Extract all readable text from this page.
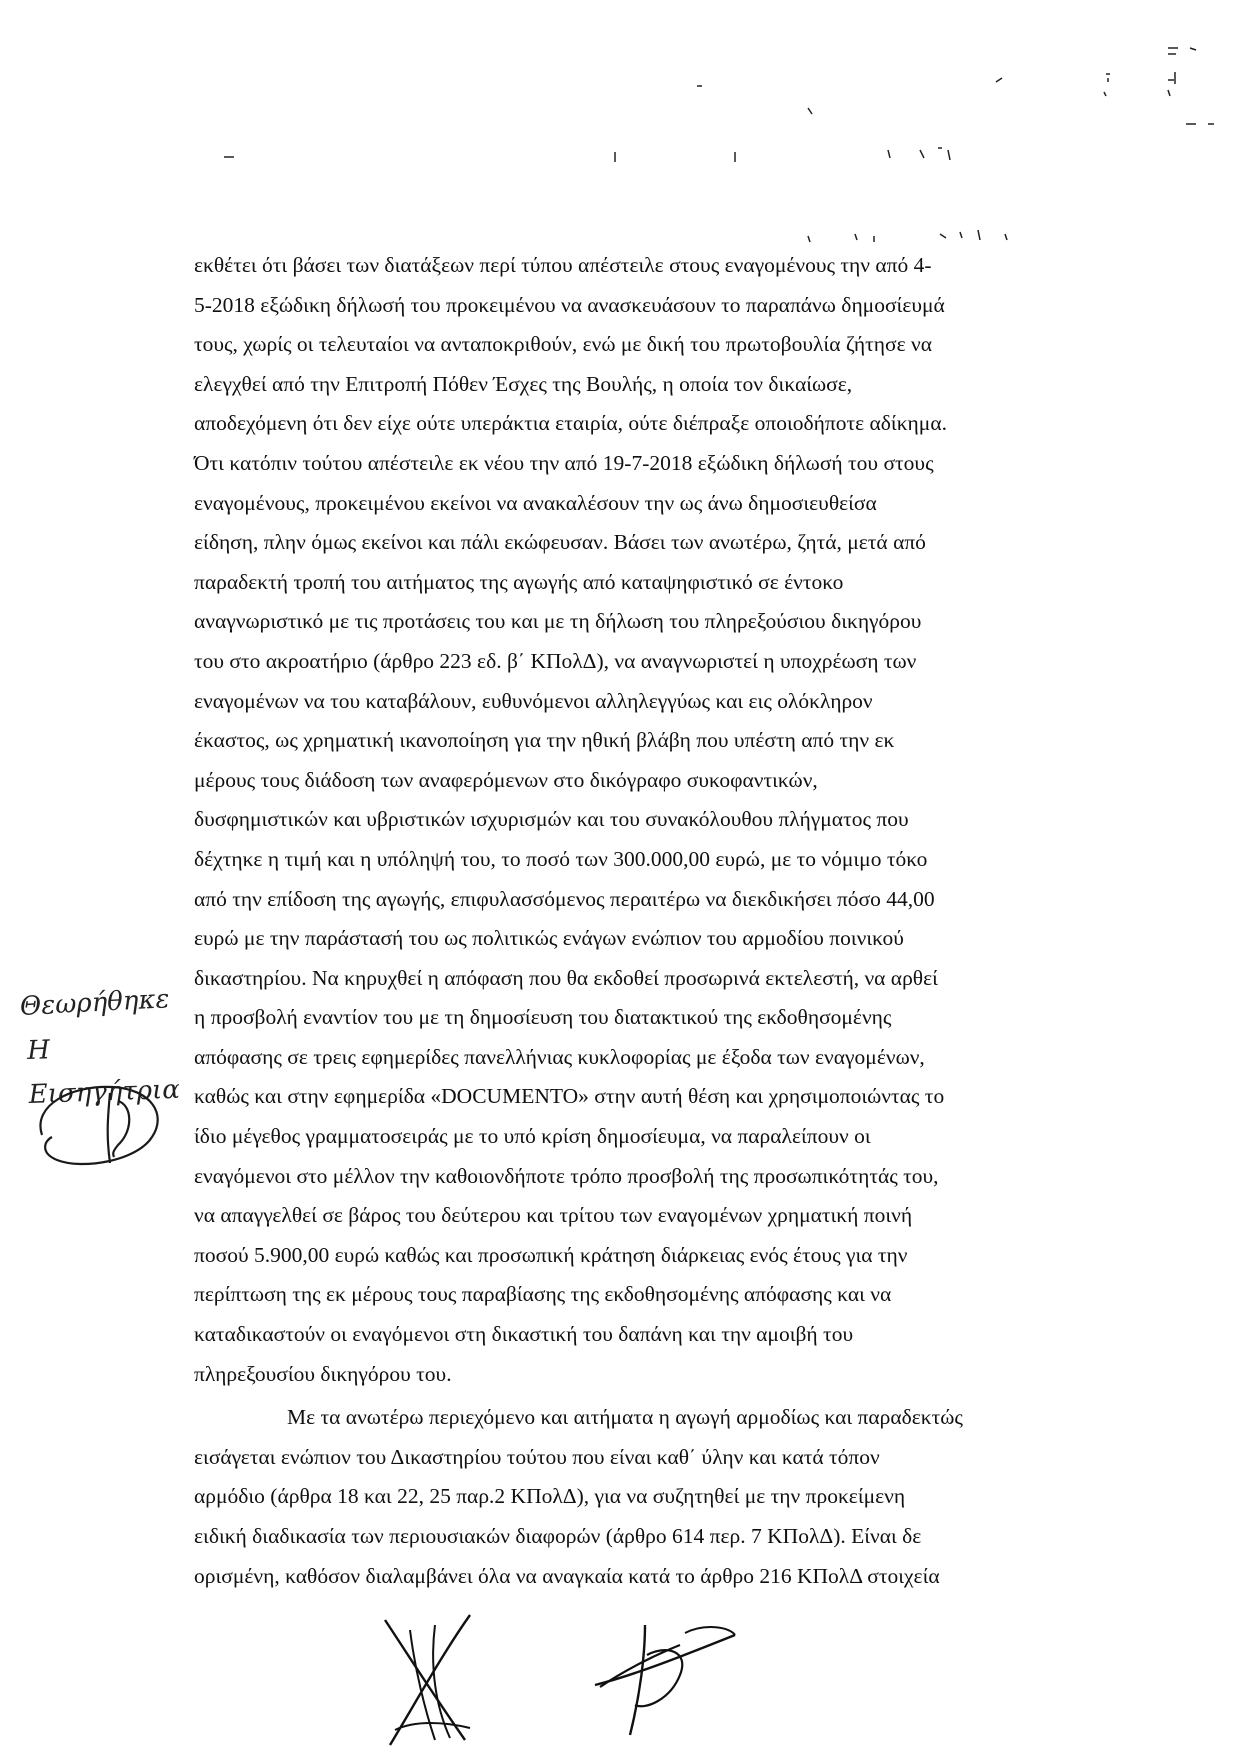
εκθέτει ότι βάσει των διατάξεων περί τύπου απέστειλε στους εναγομένους την από 4-

5-2018 εξώδικη δήλωσή του προκειμένου να ανασκευάσουν το παραπάνω δημοσίευμά

τους, χωρίς οι τελευταίοι να ανταποκριθούν, ενώ με δική του πρωτοβουλία ζήτησε να

ελεγχθεί από την Επιτροπή Πόθεν Έσχες της Βουλής, η οποία τον δικαίωσε,

αποδεχόμενη ότι δεν είχε ούτε υπεράκτια εταιρία, ούτε διέπραξε οποιοδήποτε αδίκημα.

Ότι κατόπιν τούτου απέστειλε εκ νέου την από 19-7-2018 εξώδικη δήλωσή του στους

εναγομένους, προκειμένου εκείνοι να ανακαλέσουν την ως άνω δημοσιευθείσα

είδηση, πλην όμως εκείνοι και πάλι εκώφευσαν. Βάσει των ανωτέρω, ζητά, μετά από

παραδεκτή τροπή του αιτήματος της αγωγής από καταψηφιστικό σε έντοκο

αναγνωριστικό με τις προτάσεις του και με τη δήλωση του πληρεξούσιου δικηγόρου

του στο ακροατήριο (άρθρο 223 εδ. β΄ ΚΠολΔ), να αναγνωριστεί η υποχρέωση των

εναγομένων να του καταβάλουν, ευθυνόμενοι αλληλεγγύως και εις ολόκληρον

έκαστος, ως χρηματική ικανοποίηση για την ηθική βλάβη που υπέστη από την εκ

μέρους τους διάδοση των αναφερόμενων στο δικόγραφο συκοφαντικών,

δυσφημιστικών και υβριστικών ισχυρισμών και του συνακόλουθου πλήγματος που

δέχτηκε η τιμή και η υπόληψή του, το ποσό των 300.000,00 ευρώ, με το νόμιμο τόκο

από την επίδοση της αγωγής, επιφυλασσόμενος περαιτέρω να διεκδικήσει πόσο 44,00

ευρώ με την παράστασή του ως πολιτικώς ενάγων ενώπιον του αρμοδίου ποινικού

δικαστηρίου. Να κηρυχθεί η απόφαση που θα εκδοθεί προσωρινά εκτελεστή, να αρθεί

η προσβολή εναντίον του με τη δημοσίευση του διατακτικού της εκδοθησομένης

απόφασης σε τρεις εφημερίδες πανελλήνιας κυκλοφορίας με έξοδα των εναγομένων,

καθώς και στην εφημερίδα «DOCUMENTO» στην αυτή θέση και χρησιμοποιώντας το

ίδιο μέγεθος γραμματοσειράς με το υπό κρίση δημοσίευμα, να παραλείπουν οι

εναγόμενοι στο μέλλον την καθοιονδήποτε τρόπο προσβολή της προσωπικότητάς του,

να απαγγελθεί σε βάρος του δεύτερου και τρίτου των εναγομένων χρηματική ποινή

ποσού 5.900,00 ευρώ καθώς και προσωπική κράτηση διάρκειας ενός έτους για την

περίπτωση της εκ μέρους τους παραβίασης της εκδοθησομένης απόφασης και να

καταδικαστούν οι εναγόμενοι στη δικαστική του δαπάνη και την αμοιβή του

πληρεξουσίου δικηγόρου του.

Με τα ανωτέρω περιεχόμενο και αιτήματα η αγωγή αρμοδίως και παραδεκτώς

εισάγεται ενώπιον του Δικαστηρίου τούτου που είναι καθ΄ ύλην και κατά τόπον

αρμόδιο (άρθρα 18 και 22, 25 παρ.2 ΚΠολΔ), για να συζητηθεί με την προκείμενη

ειδική διαδικασία των περιουσιακών διαφορών (άρθρο 614 περ. 7 ΚΠολΔ). Είναι δε

ορισμένη, καθόσον διαλαμβάνει όλα να αναγκαία κατά το άρθρο 216 ΚΠολΔ στοιχεία

Θεωρήθηκε
Η Εισηγήτρια
